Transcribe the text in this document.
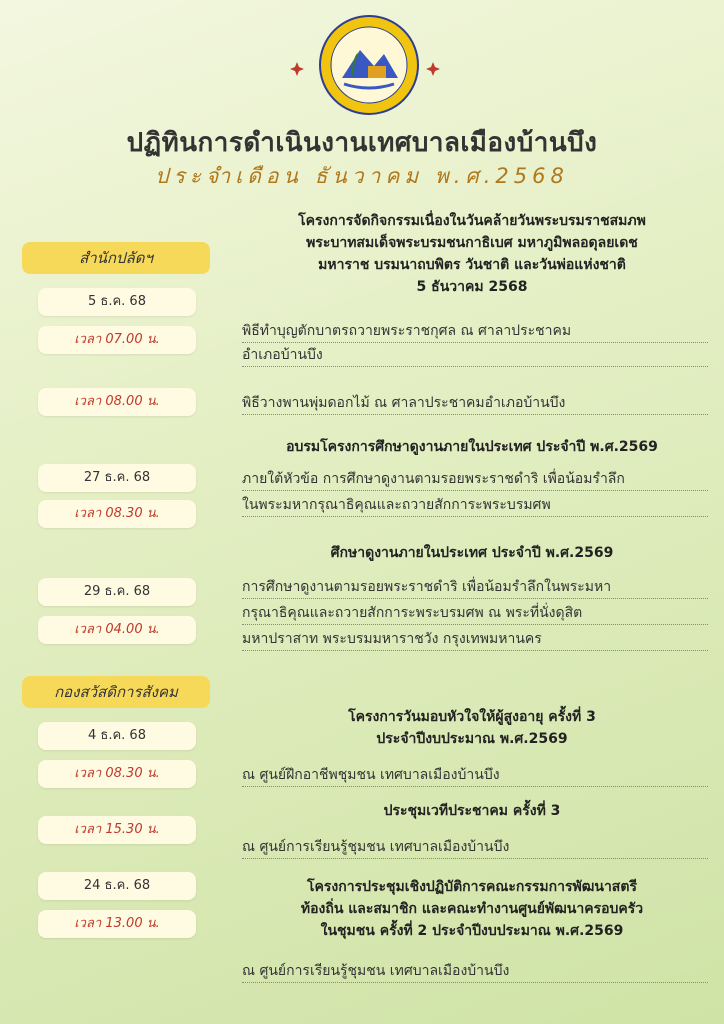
ปฏิทินการดำเนินงานเทศบาลเมืองบ้านบึง
ประจำเดือน ธันวาคม พ.ศ.2568
สำนักปลัดฯ
โครงการจัดกิจกรรมเนื่องในวันคล้ายวันพระบรมราชสมภพ
พระบาทสมเด็จพระบรมชนกาธิเบศ มหาภูมิพลอดุลยเดช
มหาราช บรมนาถบพิตร วันชาติ และวันพ่อแห่งชาติ
5 ธันวาคม 2568
5 ธ.ค. 68
เวลา 07.00 น.
พิธีทำบุญตักบาตรถวายพระราชกุศล ณ ศาลาประชาคม
อำเภอบ้านบึง
เวลา 08.00 น.	พิธีวางพานพุ่มดอกไม้ ณ ศาลาประชาคมอำเภอบ้านบึง
อบรมโครงการศึกษาดูงานภายในประเทศ ประจำปี พ.ศ.2569
27 ธ.ค. 68
เวลา 08.30 น.
ภายใต้หัวข้อ การศึกษาดูงานตามรอยพระราชดำริ เพื่อน้อมรำลึก
ในพระมหากรุณาธิคุณและถวายสักการะพระบรมศพ
ศึกษาดูงานภายในประเทศ ประจำปี พ.ศ.2569
29 ธ.ค. 68
เวลา 04.00 น.
การศึกษาดูงานตามรอยพระราชดำริ เพื่อน้อมรำลึกในพระมหา
กรุณาธิคุณและถวายสักการะพระบรมศพ ณ พระที่นั่งดุสิต
มหาปราสาท พระบรมมหาราชวัง กรุงเทพมหานคร
กองสวัสดิการสังคม
โครงการวันมอบหัวใจให้ผู้สูงอายุ ครั้งที่ 3
ประจำปีงบประมาณ พ.ศ.2569
4 ธ.ค. 68
เวลา 08.30 น.	ณ ศูนย์ฝึกอาชีพชุมชน เทศบาลเมืองบ้านบึง
ประชุมเวทีประชาคม ครั้งที่ 3
เวลา 15.30 น.
ณ ศูนย์การเรียนรู้ชุมชน เทศบาลเมืองบ้านบึง
โครงการประชุมเชิงปฏิบัติการคณะกรรมการพัฒนาสตรี
ท้องถิ่น และสมาชิก และคณะทำงานศูนย์พัฒนาครอบครัว
ในชุมชน ครั้งที่ 2 ประจำปีงบประมาณ พ.ศ.2569
24 ธ.ค. 68
เวลา 13.00 น.
ณ ศูนย์การเรียนรู้ชุมชน เทศบาลเมืองบ้านบึง
